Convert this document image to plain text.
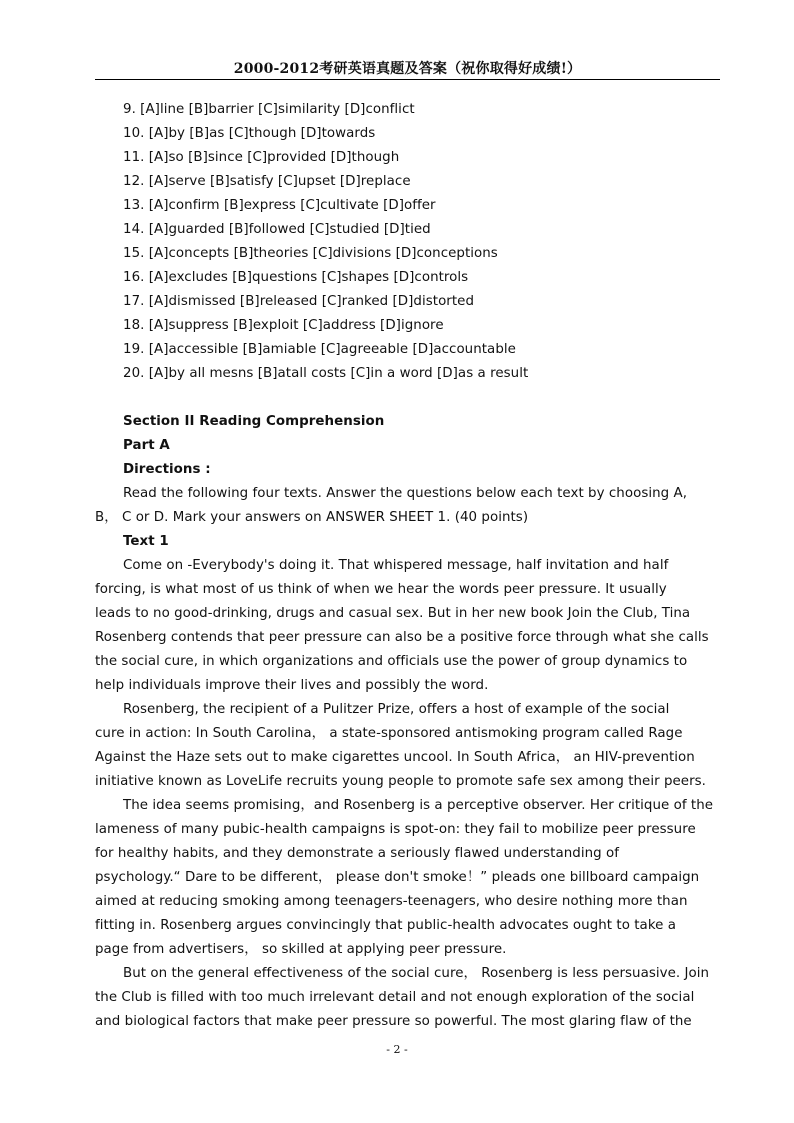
2000-2012考研英语真题及答案（祝你取得好成绩!）
9. [A]line [B]barrier [C]similarity [D]conflict
10. [A]by [B]as [C]though [D]towards
11. [A]so [B]since [C]provided [D]though
12. [A]serve [B]satisfy [C]upset [D]replace
13. [A]confirm [B]express [C]cultivate [D]offer
14. [A]guarded [B]followed [C]studied [D]tied
15. [A]concepts [B]theories [C]divisions [D]conceptions
16. [A]excludes [B]questions [C]shapes [D]controls
17. [A]dismissed [B]released [C]ranked [D]distorted
18. [A]suppress [B]exploit [C]address [D]ignore
19. [A]accessible [B]amiable [C]agreeable [D]accountable
20. [A]by all mesns [B]atall costs [C]in a word [D]as a result
Section II Reading Comprehension
Part A
Directions :
Read the following four texts. Answer the questions below each text by choosing A,
B， C or D. Mark your answers on ANSWER SHEET 1. (40 points)
Text 1
Come on -Everybody's doing it. That whispered message, half invitation and half
forcing, is what most of us think of when we hear the words peer pressure. It usually
leads to no good-drinking, drugs and casual sex. But in her new book Join the Club, Tina
Rosenberg contends that peer pressure can also be a positive force through what she calls
the social cure, in which organizations and officials use the power of group dynamics to
help individuals improve their lives and possibly the word.
Rosenberg, the recipient of a Pulitzer Prize, offers a host of example of the social
cure in action: In South Carolina， a state-sponsored antismoking program called Rage
Against the Haze sets out to make cigarettes uncool. In South Africa， an HIV-prevention
initiative known as LoveLife recruits young people to promote safe sex among their peers.
The idea seems promising，and Rosenberg is a perceptive observer. Her critique of the
lameness of many pubic-health campaigns is spot-on: they fail to mobilize peer pressure
for healthy habits, and they demonstrate a seriously flawed understanding of
psychology.“ Dare to be different， please don't smoke！” pleads one billboard campaign
aimed at reducing smoking among teenagers-teenagers, who desire nothing more than
fitting in. Rosenberg argues convincingly that public-health advocates ought to take a
page from advertisers， so skilled at applying peer pressure.
But on the general effectiveness of the social cure， Rosenberg is less persuasive. Join
the Club is filled with too much irrelevant detail and not enough exploration of the social
and biological factors that make peer pressure so powerful. The most glaring flaw of the
- 2 -
